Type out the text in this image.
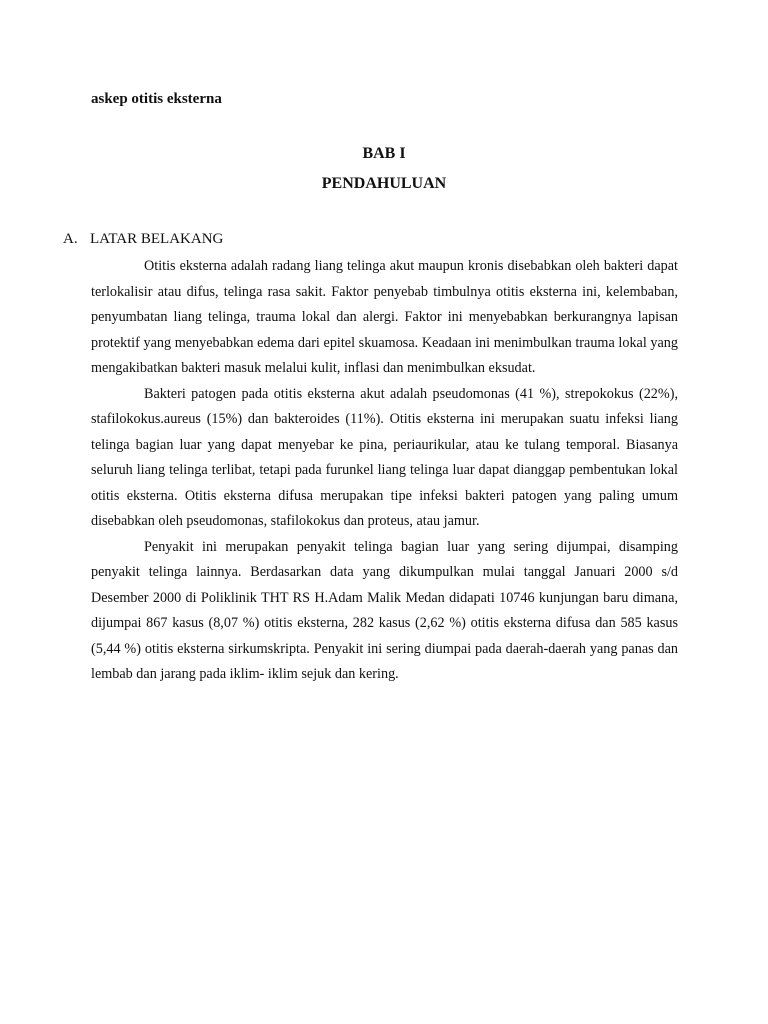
askep otitis eksterna
BAB I
PENDAHULUAN
A. LATAR BELAKANG

Otitis eksterna adalah radang liang telinga akut maupun kronis disebabkan oleh bakteri dapat terlokalisir atau difus, telinga rasa sakit. Faktor penyebab timbulnya otitis eksterna ini, kelembaban, penyumbatan liang telinga, trauma lokal dan alergi. Faktor ini menyebabkan berkurangnya lapisan protektif yang menyebabkan edema dari epitel skuamosa. Keadaan ini menimbulkan trauma lokal yang mengakibatkan bakteri masuk melalui kulit, inflasi dan menimbulkan eksudat.

Bakteri patogen pada otitis eksterna akut adalah pseudomonas (41 %), strepokokus (22%), stafilokokus.aureus (15%) dan bakteroides (11%). Otitis eksterna ini merupakan suatu infeksi liang telinga bagian luar yang dapat menyebar ke pina, periaurikular, atau ke tulang temporal. Biasanya seluruh liang telinga terlibat, tetapi pada furunkel liang telinga luar dapat dianggap pembentukan lokal otitis eksterna. Otitis eksterna difusa merupakan tipe infeksi bakteri patogen yang paling umum disebabkan oleh pseudomonas, stafilokokus dan proteus, atau jamur.

Penyakit ini merupakan penyakit telinga bagian luar yang sering dijumpai, disamping penyakit telinga lainnya. Berdasarkan data yang dikumpulkan mulai tanggal Januari 2000 s/d Desember 2000 di Poliklinik THT RS H.Adam Malik Medan didapati 10746 kunjungan baru dimana, dijumpai 867 kasus (8,07 %) otitis eksterna, 282 kasus (2,62 %) otitis eksterna difusa dan 585 kasus (5,44 %) otitis eksterna sirkumskripta. Penyakit ini sering diumpai pada daerah-daerah yang panas dan lembab dan jarang pada iklim- iklim sejuk dan kering.
